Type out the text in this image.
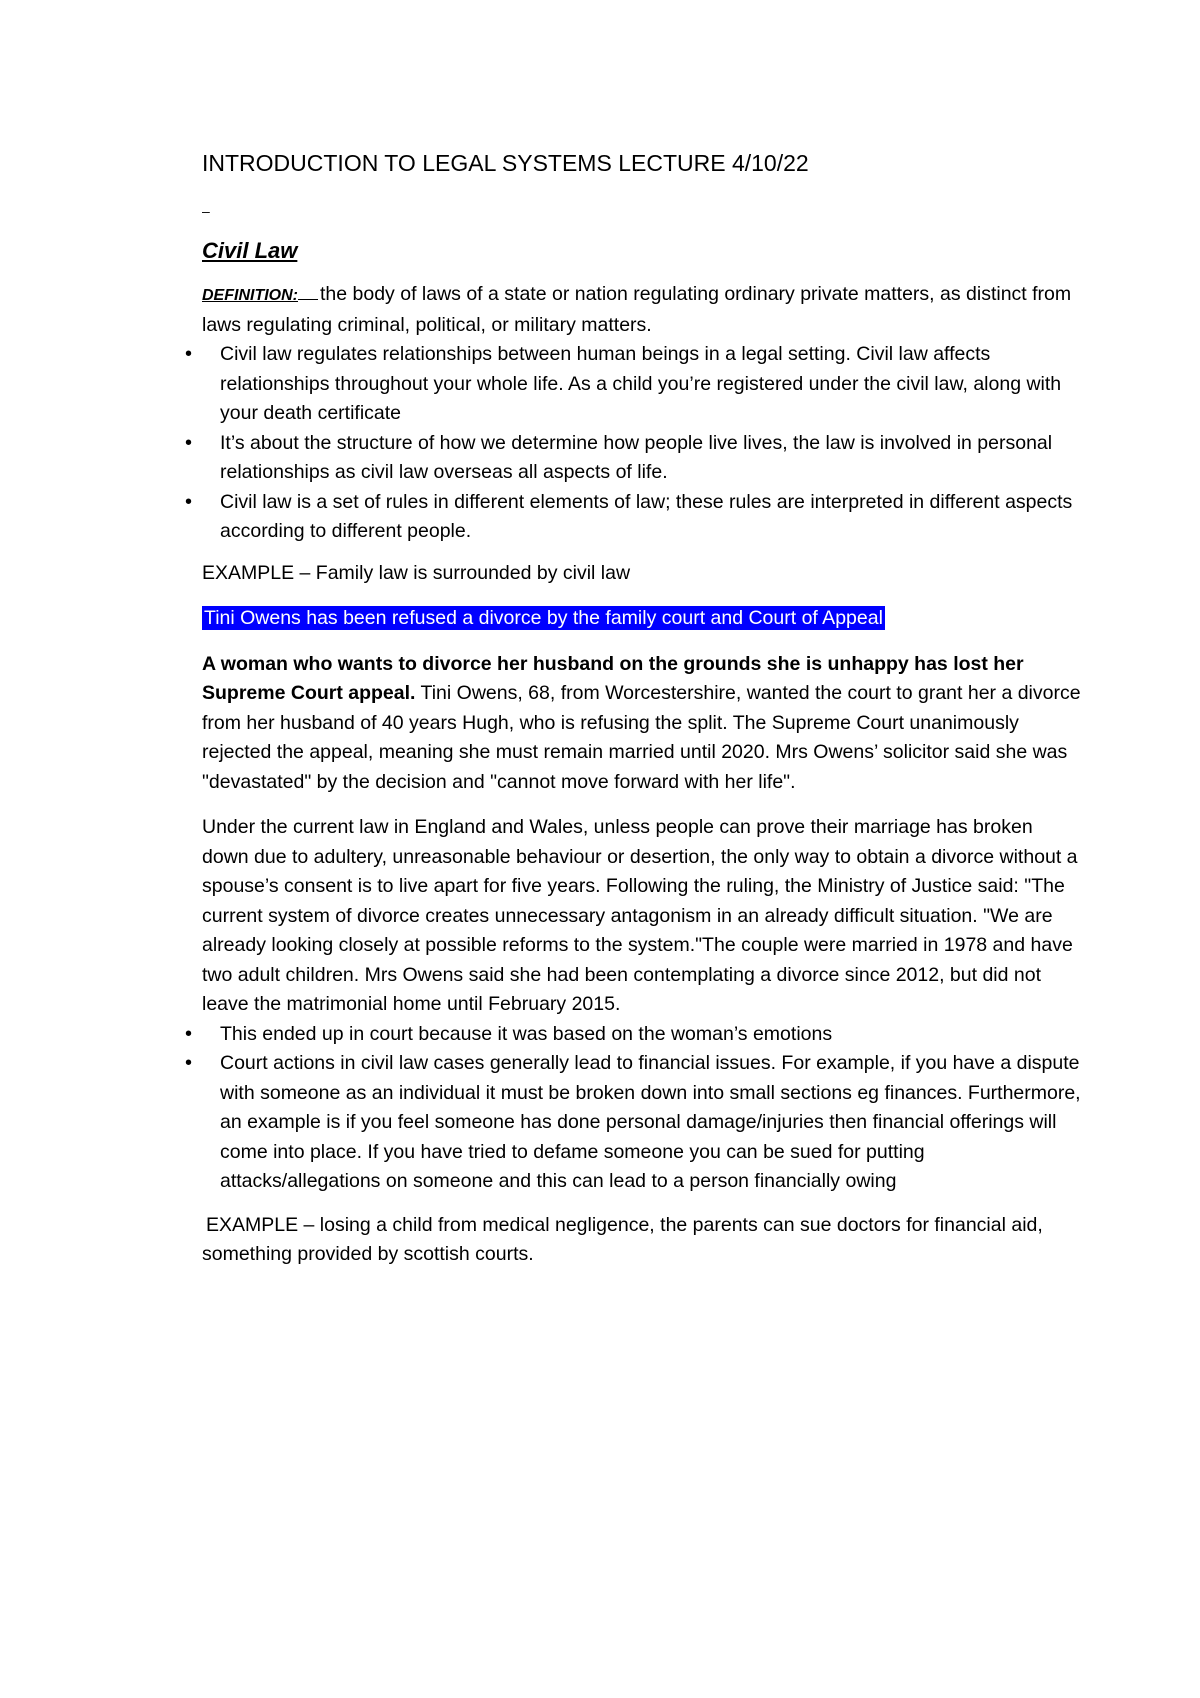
INTRODUCTION TO LEGAL SYSTEMS LECTURE 4/10/22

–

Civil Law

DEFINITION: the body of laws of a state or nation regulating ordinary private matters, as distinct from laws regulating criminal, political, or military matters.

• Civil law regulates relationships between human beings in a legal setting. Civil law affects relationships throughout your whole life. As a child you’re registered under the civil law, along with your death certificate
• It’s about the structure of how we determine how people live lives, the law is involved in personal relationships as civil law overseas all aspects of life.
• Civil law is a set of rules in different elements of law; these rules are interpreted in different aspects according to different people.

EXAMPLE – Family law is surrounded by civil law

Tini Owens has been refused a divorce by the family court and Court of Appeal

A woman who wants to divorce her husband on the grounds she is unhappy has lost her Supreme Court appeal. Tini Owens, 68, from Worcestershire, wanted the court to grant her a divorce from her husband of 40 years Hugh, who is refusing the split. The Supreme Court unanimously rejected the appeal, meaning she must remain married until 2020. Mrs Owens’ solicitor said she was "devastated" by the decision and "cannot move forward with her life".

Under the current law in England and Wales, unless people can prove their marriage has broken down due to adultery, unreasonable behaviour or desertion, the only way to obtain a divorce without a spouse’s consent is to live apart for five years. Following the ruling, the Ministry of Justice said: "The current system of divorce creates unnecessary antagonism in an already difficult situation. "We are already looking closely at possible reforms to the system."The couple were married in 1978 and have two adult children. Mrs Owens said she had been contemplating a divorce since 2012, but did not leave the matrimonial home until February 2015.

• This ended up in court because it was based on the woman’s emotions
• Court actions in civil law cases generally lead to financial issues. For example, if you have a dispute with someone as an individual it must be broken down into small sections eg finances. Furthermore, an example is if you feel someone has done personal damage/injuries then financial offerings will come into place. If you have tried to defame someone you can be sued for putting attacks/allegations on someone and this can lead to a person financially owing

EXAMPLE – losing a child from medical negligence, the parents can sue doctors for financial aid, something provided by scottish courts.
